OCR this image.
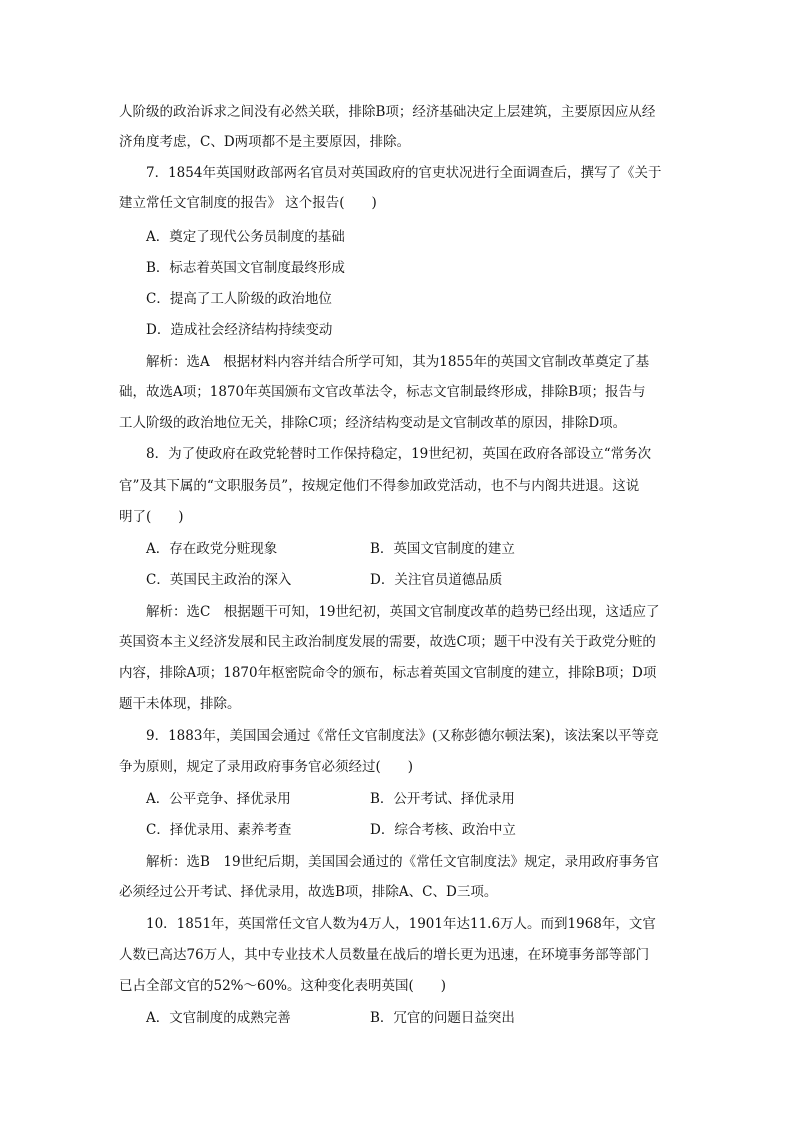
人阶级的政治诉求之间没有必然关联，排除B项；经济基础决定上层建筑，主要原因应从经
济角度考虑，C、D两项都不是主要原因，排除。
7．1854年英国财政部两名官员对英国政府的官吏状况进行全面调查后，撰写了《关于
建立常任文官制度的报告》 这个报告(　　)
A．奠定了现代公务员制度的基础
B．标志着英国文官制度最终形成
C．提高了工人阶级的政治地位
D．造成社会经济结构持续变动
解析：选A　根据材料内容并结合所学可知，其为1855年的英国文官制改革奠定了基
础，故选A项；1870年英国颁布文官改革法令，标志文官制最终形成，排除B项；报告与
工人阶级的政治地位无关，排除C项；经济结构变动是文官制改革的原因，排除D项。
8．为了使政府在政党轮替时工作保持稳定，19世纪初，英国在政府各部设立“常务次
官”及其下属的“文职服务员”，按规定他们不得参加政党活动，也不与内阁共进退。这说
明了(　　)
A．存在政党分赃现象	B．英国文官制度的建立
C．英国民主政治的深入	D．关注官员道德品质
解析：选C　根据题干可知，19世纪初，英国文官制度改革的趋势已经出现，这适应了
英国资本主义经济发展和民主政治制度发展的需要，故选C项；题干中没有关于政党分赃的
内容，排除A项；1870年枢密院命令的颁布，标志着英国文官制度的建立，排除B项；D项
题干未体现，排除。
9．1883年，美国国会通过《常任文官制度法》(又称彭德尔顿法案)，该法案以平等竞
争为原则，规定了录用政府事务官必须经过(　　)
A．公平竞争、择优录用	B．公开考试、择优录用
C．择优录用、素养考查	D．综合考核、政治中立
解析：选B　19世纪后期，美国国会通过的《常任文官制度法》规定，录用政府事务官
必须经过公开考试、择优录用，故选B项，排除A、C、D三项。
10．1851年，英国常任文官人数为4万人，1901年达11.6万人。而到1968年，文官
人数已高达76万人，其中专业技术人员数量在战后的增长更为迅速，在环境事务部等部门
已占全部文官的52%～60%。这种变化表明英国(　　)
A．文官制度的成熟完善	B．冗官的问题日益突出
